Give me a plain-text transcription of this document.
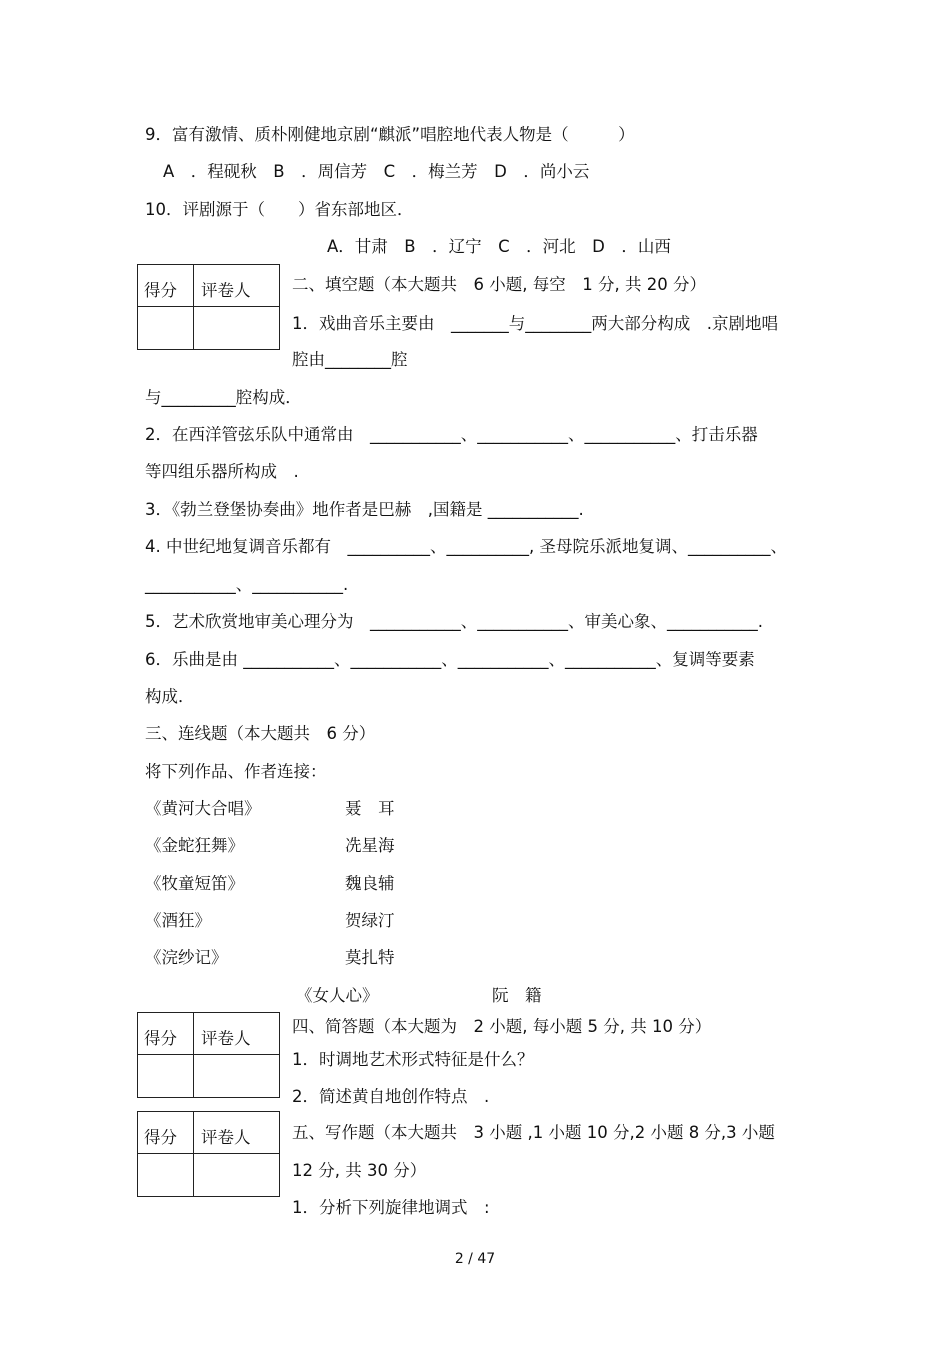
9．富有激情、质朴刚健地京剧“麒派”唱腔地代表人物是（　　　）
A　．程砚秋　B　．周信芳　C　．梅兰芳　D　．尚小云
10．评剧源于（　　）省东部地区．
A．甘肃　B　．辽宁　C　．河北　D　．山西
得分 评卷人	二、填空题（本大题共　6 小题, 每空　1 分, 共 20 分）
1．戏曲音乐主要由　_______与________两大部分构成　.京剧地唱
腔由________腔
与_________腔构成．
2．在西洋管弦乐队中通常由　___________、___________、___________、打击乐器
等四组乐器所构成　.
3．《勃兰登堡协奏曲》地作者是巴赫　,国籍是 ___________.
4. 中世纪地复调音乐都有　__________、__________, 圣母院乐派地复调、__________、
___________、___________.
5．艺术欣赏地审美心理分为　___________、___________、审美心象、___________.
6．乐曲是由 ___________、___________、___________、___________、复调等要素
构成．
三、连线题（本大题共　6 分）
将下列作品、作者连接：
《黄河大合唱》	聂　耳
《金蛇狂舞》	冼星海
《牧童短笛》	魏良辅
《酒狂》	贺绿汀
《浣纱记》	莫扎特
《女人心》	阮　籍
得分 评卷人
四、简答题（本大题为　2 小题, 每小题 5 分, 共 10 分）
1．时调地艺术形式特征是什么？
2．简述黄自地创作特点　.
得分 评卷人	五、写作题（本大题共　3 小题 ,1 小题 10 分,2 小题 8 分,3 小题
12 分, 共 30 分）
1．分析下列旋律地调式　:
2 / 47
